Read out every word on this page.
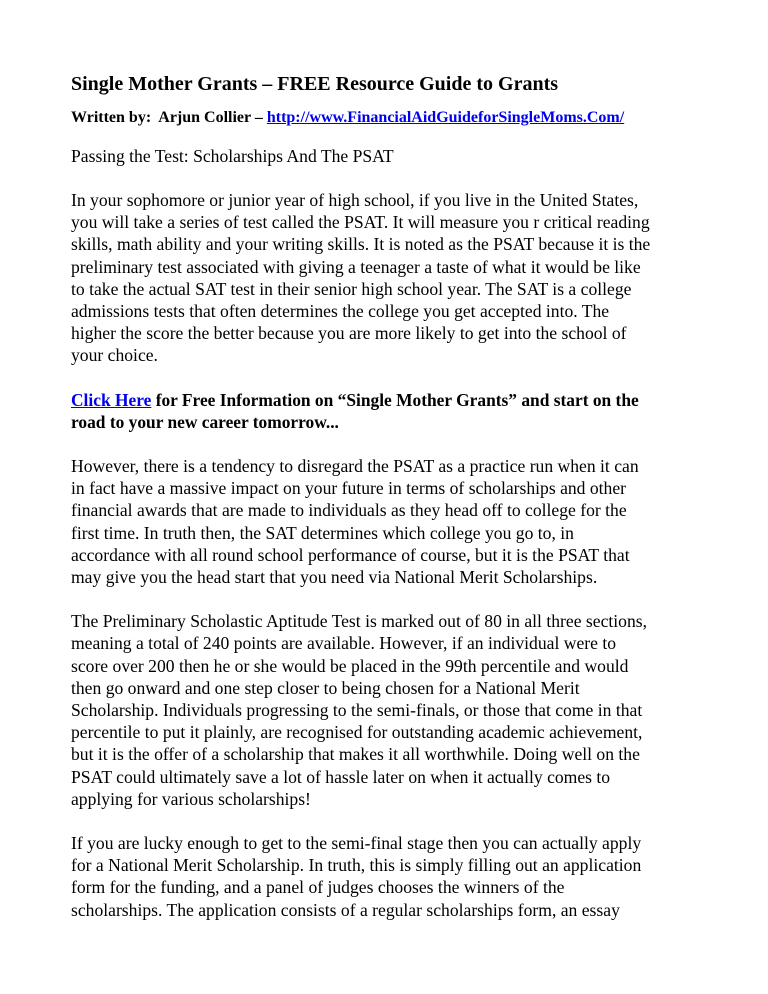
Single Mother Grants – FREE Resource Guide to Grants
Written by:  Arjun Collier – http://www.FinancialAidGuideforSingleMoms.Com/
Passing the Test: Scholarships And The PSAT

In your sophomore or junior year of high school, if you live in the United States,
you will take a series of test called the PSAT. It will measure you r critical reading
skills, math ability and your writing skills. It is noted as the PSAT because it is the
preliminary test associated with giving a teenager a taste of what it would be like
to take the actual SAT test in their senior high school year. The SAT is a college
admissions tests that often determines the college you get accepted into. The
higher the score the better because you are more likely to get into the school of
your choice.

Click Here for Free Information on “Single Mother Grants” and start on the
road to your new career tomorrow...

However, there is a tendency to disregard the PSAT as a practice run when it can
in fact have a massive impact on your future in terms of scholarships and other
financial awards that are made to individuals as they head off to college for the
first time. In truth then, the SAT determines which college you go to, in
accordance with all round school performance of course, but it is the PSAT that
may give you the head start that you need via National Merit Scholarships.

The Preliminary Scholastic Aptitude Test is marked out of 80 in all three sections,
meaning a total of 240 points are available. However, if an individual were to
score over 200 then he or she would be placed in the 99th percentile and would
then go onward and one step closer to being chosen for a National Merit
Scholarship. Individuals progressing to the semi-finals, or those that come in that
percentile to put it plainly, are recognised for outstanding academic achievement,
but it is the offer of a scholarship that makes it all worthwhile. Doing well on the
PSAT could ultimately save a lot of hassle later on when it actually comes to
applying for various scholarships!

If you are lucky enough to get to the semi-final stage then you can actually apply
for a National Merit Scholarship. In truth, this is simply filling out an application
form for the funding, and a panel of judges chooses the winners of the
scholarships. The application consists of a regular scholarships form, an essay
